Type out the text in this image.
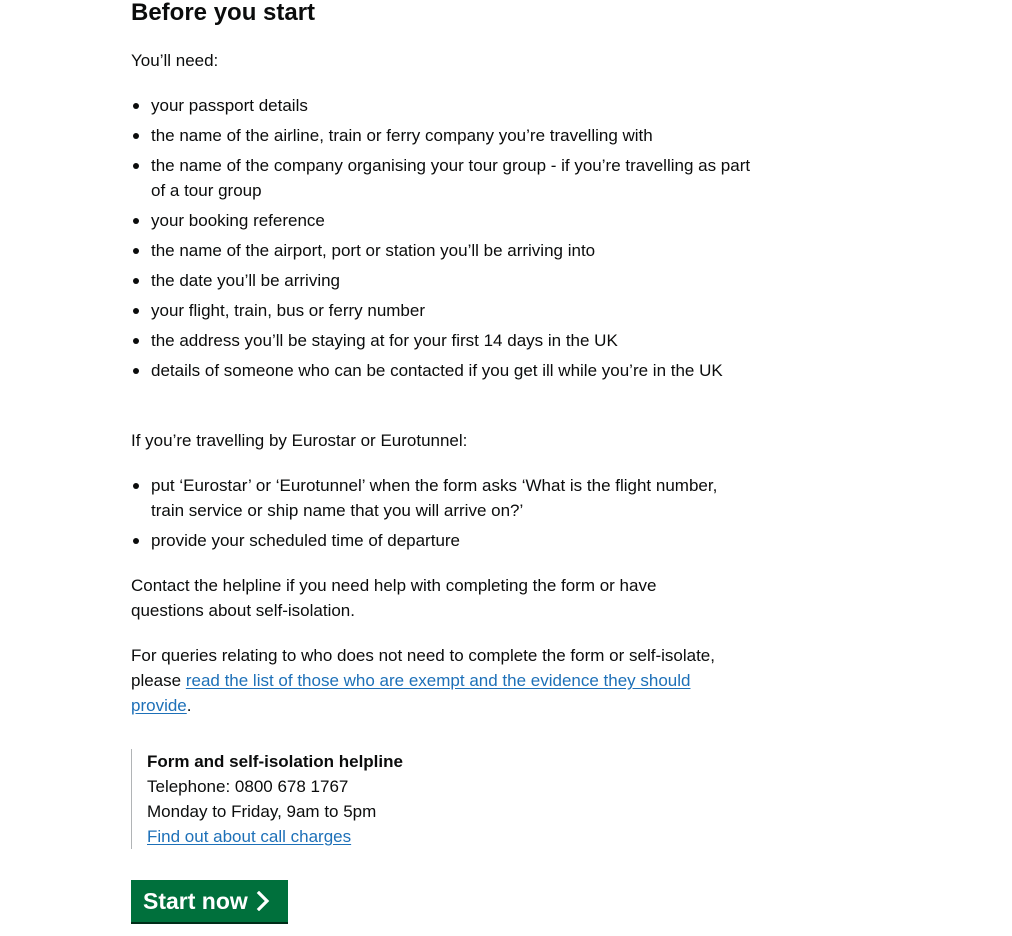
Before you start

You’ll need:

your passport details
the name of the airline, train or ferry company you’re travelling with
the name of the company organising your tour group - if you’re travelling as part of a tour group
your booking reference
the name of the airport, port or station you’ll be arriving into
the date you’ll be arriving
your flight, train, bus or ferry number
the address you’ll be staying at for your first 14 days in the UK
details of someone who can be contacted if you get ill while you’re in the UK

If you’re travelling by Eurostar or Eurotunnel:

put ‘Eurostar’ or ‘Eurotunnel’ when the form asks ‘What is the flight number, train service or ship name that you will arrive on?’
provide your scheduled time of departure

Contact the helpline if you need help with completing the form or have questions about self-isolation.

For queries relating to who does not need to complete the form or self-isolate, please read the list of those who are exempt and the evidence they should provide.

Form and self-isolation helpline
Telephone: 0800 678 1767
Monday to Friday, 9am to 5pm
Find out about call charges
Start now
